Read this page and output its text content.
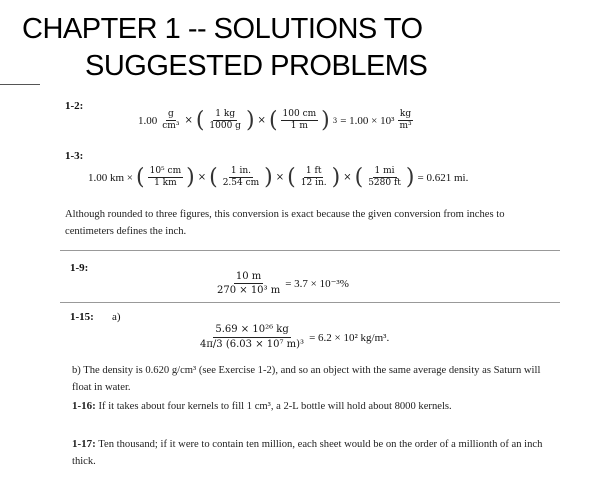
CHAPTER 1 -- SOLUTIONS TO
SUGGESTED PROBLEMS
1-2:
$1.00 \frac{g}{\text{cm³}}$ × ( $\frac{1 kg}{1000 g}$ ) × ( $\frac{100 cm}{1 m}$ ) $3 = 1.00 \times 10^3 \frac{kg}{\text{m³}}$
1-3:
1.00 km × ( $\frac{\text{10⁵ cm}}{1 km}$ ) × ( $\frac{1 in.}{2.54 cm}$ ) × ( $\frac{1 ft}{12 in.}$ ) × ( $\frac{1 mi}{5280 ft}$ ) = 0.621 mi.
Although rounded to three figures, this conversion is exact because the given conversion from inches to centimeters defines the inch.
1-9:
$\frac{10 m}{\text{270 × 10³ m}} = 3.7 \times 10^{-3}\%$
1-15: a)
$\frac{\text{5.69 × 10²⁶ kg}}{\text{4π/3 (6.03 × 10⁷ m)³}} = 6.2 \times 10^2$ kg/m³.
b) The density is 0.620 g/cm³ (see Exercise 1-2), and so an object with the same average density as Saturn will float in water.
1-16: If it takes about four kernels to fill 1 cm³, a 2-L bottle will hold about 8000 kernels.
1-17: Ten thousand; if it were to contain ten million, each sheet would be on the order of a millionth of an inch thick.
